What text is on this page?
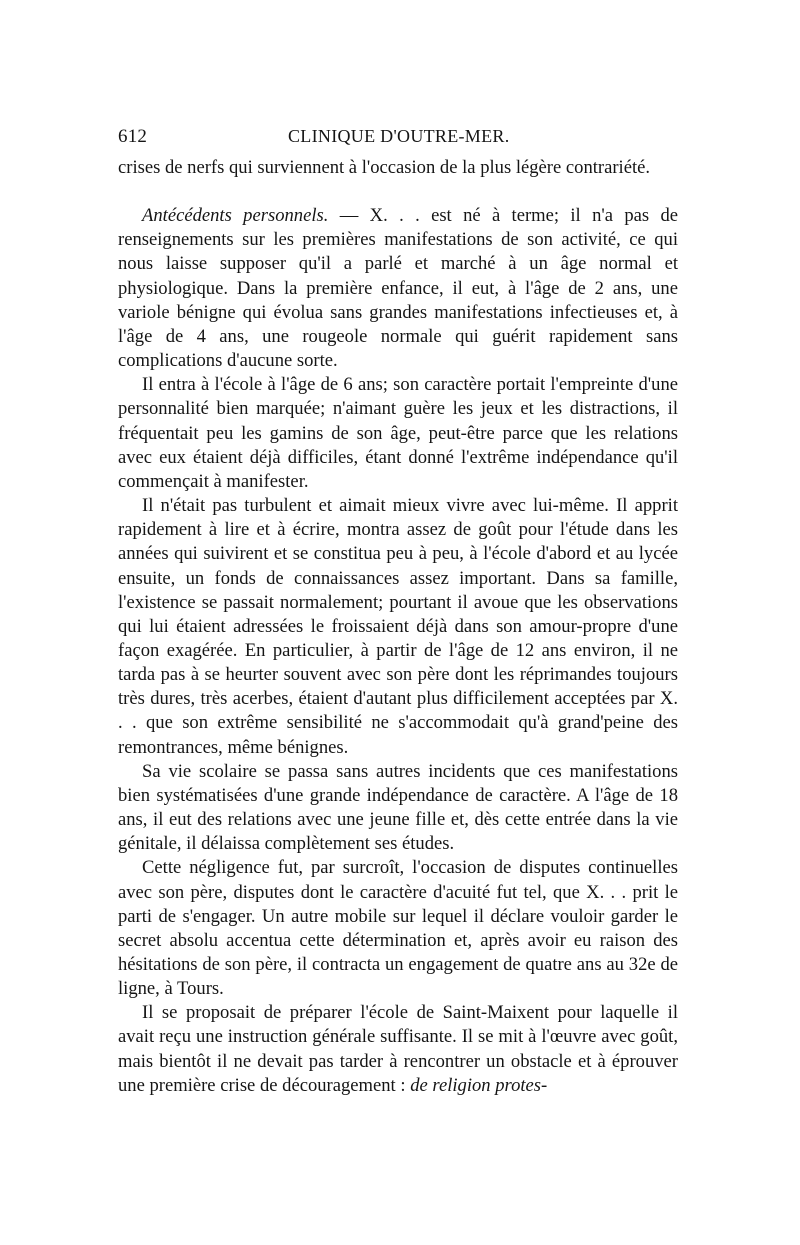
612	CLINIQUE D'OUTRE-MER.

crises de nerfs qui surviennent à l'occasion de la plus légère contrariété.

Antécédents personnels. — X. . . est né à terme; il n'a pas de renseignements sur les premières manifestations de son activité, ce qui nous laisse supposer qu'il a parlé et marché à un âge normal et physiologique. Dans la première enfance, il eut, à l'âge de 2 ans, une variole bénigne qui évolua sans grandes manifestations infectieuses et, à l'âge de 4 ans, une rougeole normale qui guérit rapidement sans complications d'aucune sorte.

Il entra à l'école à l'âge de 6 ans; son caractère portait l'empreinte d'une personnalité bien marquée; n'aimant guère les jeux et les distractions, il fréquentait peu les gamins de son âge, peut-être parce que les relations avec eux étaient déjà difficiles, étant donné l'extrême indépendance qu'il commençait à manifester.

Il n'était pas turbulent et aimait mieux vivre avec lui-même. Il apprit rapidement à lire et à écrire, montra assez de goût pour l'étude dans les années qui suivirent et se constitua peu à peu, à l'école d'abord et au lycée ensuite, un fonds de connaissances assez important. Dans sa famille, l'existence se passait normalement; pourtant il avoue que les observations qui lui étaient adressées le froissaient déjà dans son amour-propre d'une façon exagérée. En particulier, à partir de l'âge de 12 ans environ, il ne tarda pas à se heurter souvent avec son père dont les réprimandes toujours très dures, très acerbes, étaient d'autant plus difficilement acceptées par X. . . que son extrême sensibilité ne s'accommodait qu'à grand'peine des remontrances, même bénignes.

Sa vie scolaire se passa sans autres incidents que ces manifestations bien systématisées d'une grande indépendance de caractère. A l'âge de 18 ans, il eut des relations avec une jeune fille et, dès cette entrée dans la vie génitale, il délaissa complètement ses études.

Cette négligence fut, par surcroît, l'occasion de disputes continuelles avec son père, disputes dont le caractère d'acuité fut tel, que X. . . prit le parti de s'engager. Un autre mobile sur lequel il déclare vouloir garder le secret absolu accentua cette détermination et, après avoir eu raison des hésitations de son père, il contracta un engagement de quatre ans au 32e de ligne, à Tours.

Il se proposait de préparer l'école de Saint-Maixent pour laquelle il avait reçu une instruction générale suffisante. Il se mit à l'œuvre avec goût, mais bientôt il ne devait pas tarder à rencontrer un obstacle et à éprouver une première crise de découragement : de religion protes-
